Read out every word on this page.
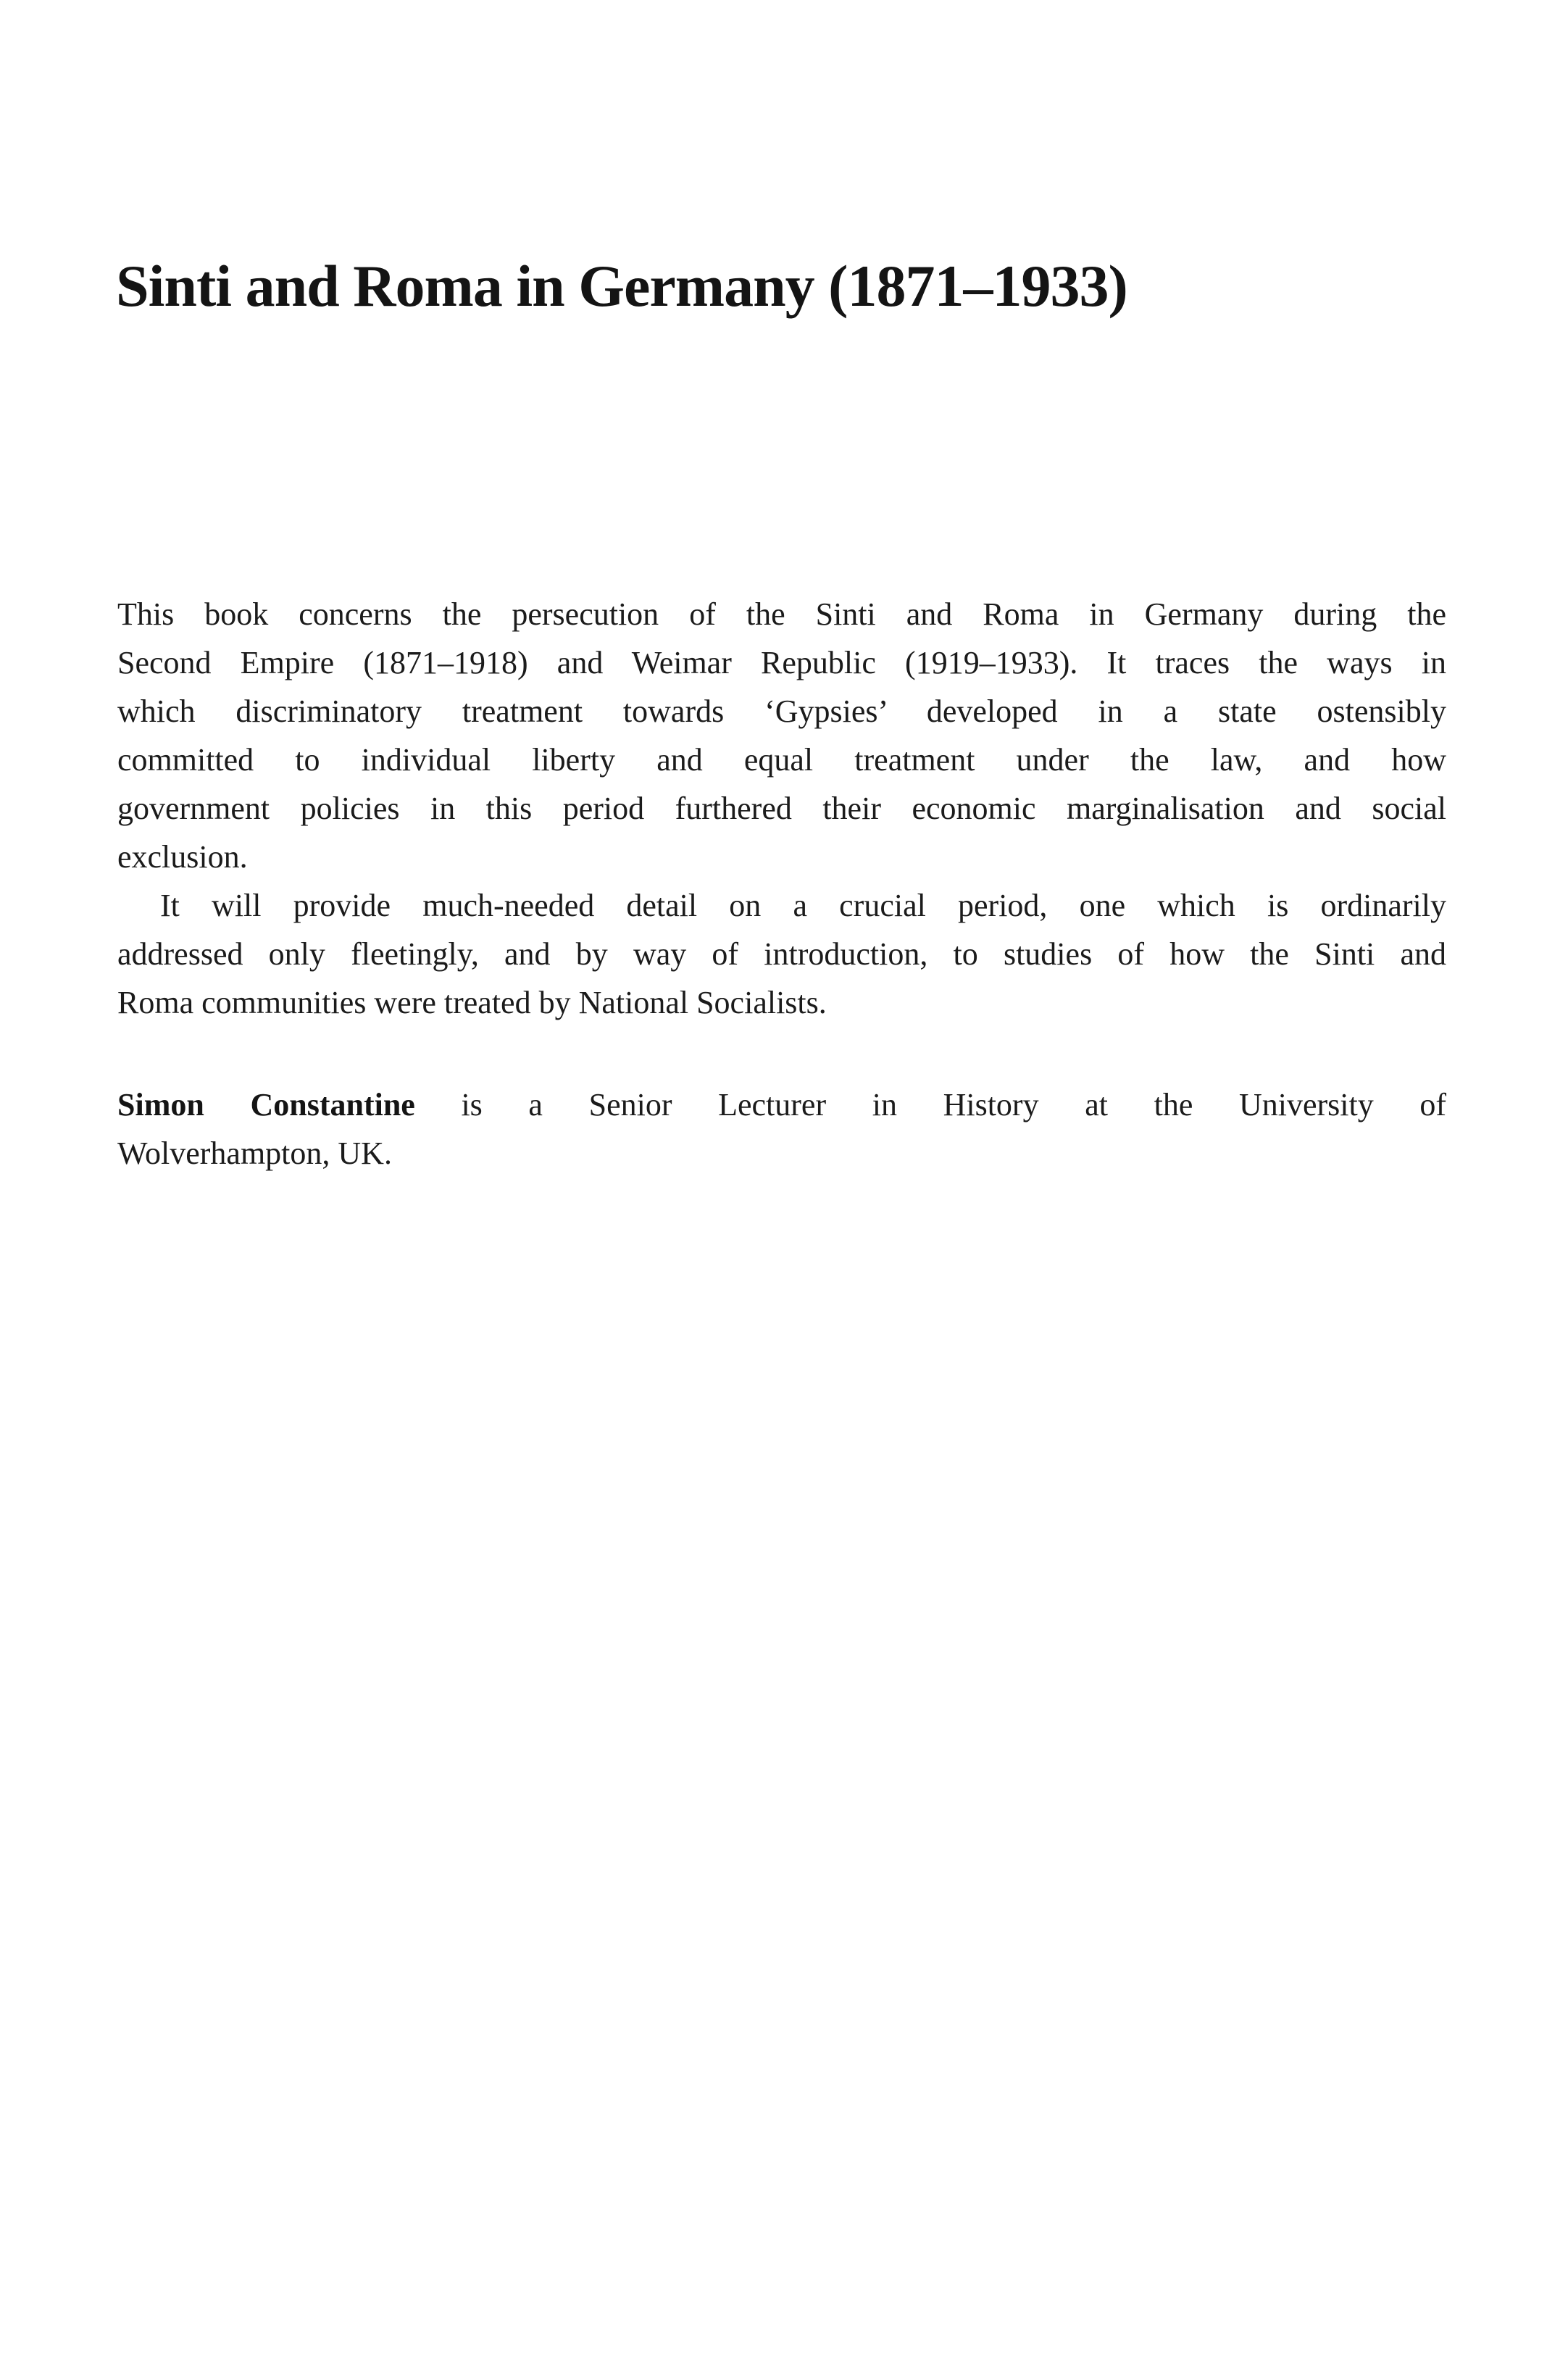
Sinti and Roma in Germany (1871–1933)
This book concerns the persecution of the Sinti and Roma in Germany during the
Second Empire (1871–1918) and Weimar Republic (1919–1933). It traces the ways in
which discriminatory treatment towards ‘Gypsies’ developed in a state ostensibly
committed to individual liberty and equal treatment under the law, and how
government policies in this period furthered their economic marginalisation and social
exclusion.
It will provide much-needed detail on a crucial period, one which is ordinarily
addressed only fleetingly, and by way of introduction, to studies of how the Sinti and
Roma communities were treated by National Socialists.
Simon Constantine is a Senior Lecturer in History at the University of
Wolverhampton, UK.
